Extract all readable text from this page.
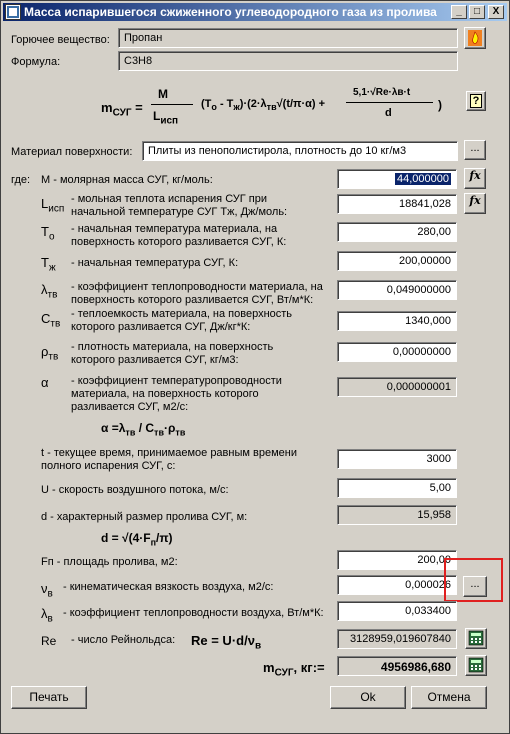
Масса испарившегося сжиженного углеводородного газа из пролива	_	□	X
Горючее вещество:	Пропан
Формула:	C3H8
$m_{СУГ}$ =
M
$L_{исп}$
$(T_о - T_ж)\cdot(2\cdot\lambda_{тв}√(t/\pi\cdot\alpha)$ +
5,1·√Re·λв·t
d
)	?
Материал поверхности:	Плиты из пенополистирола, плотность до 10 кг/м3	...
где: M - молярная масса СУГ, кг/моль:	44,000000	fx
$L_{исп}$
- мольная теплота испарения СУГ при
начальной температуре СУГ Tж, Дж/моль:
18841,028	fx
$T_о$
- начальная температура материала, на
поверхность которого разливается СУГ, К:
280,00
$T_ж$ - начальная температура СУГ, К:	200,00000
$\lambda_{тв}$
- коэффициент теплопроводности материала, на
поверхность которого разливается СУГ, Вт/м*К:
0,049000000
$C_{тв}$
- теплоемкость материала, на поверхность
которого разливается СУГ, Дж/кг*К:	1340,000
$\rho_{тв}$
- плотность материала, на поверхность
которого разливается СУГ, кг/м3:
0,00000000
α - коэффициент температуропроводности
материала, на поверхность которого
разливается СУГ, м2/с:
0,000000001
$\alpha =\lambda_{тв} / C_{тв}\cdot\rho_{тв}$
t - текущее время, принимаемое равным времени
полного испарения СУГ, с:
3000
U - скорость воздушного потока, м/с:	5,00
d - характерный размер пролива СУГ, м:	15,958
$d = √(4\cdot F_п/\pi)$
Fп - площадь пролива, м2:	200,00
$\nu_в$
- кинематическая вязкость воздуха, м2/с:	0,000026	...
$\lambda_в$
- коэффициент теплопроводности воздуха, Вт/м*К:	0,033400
Re - число Рейнольдса: $Re = U\cdot d/\nu_в$
3128959,019607840
$m_{СУГ}$, кг:=	4956986,680
Печать	Ok	Отмена
